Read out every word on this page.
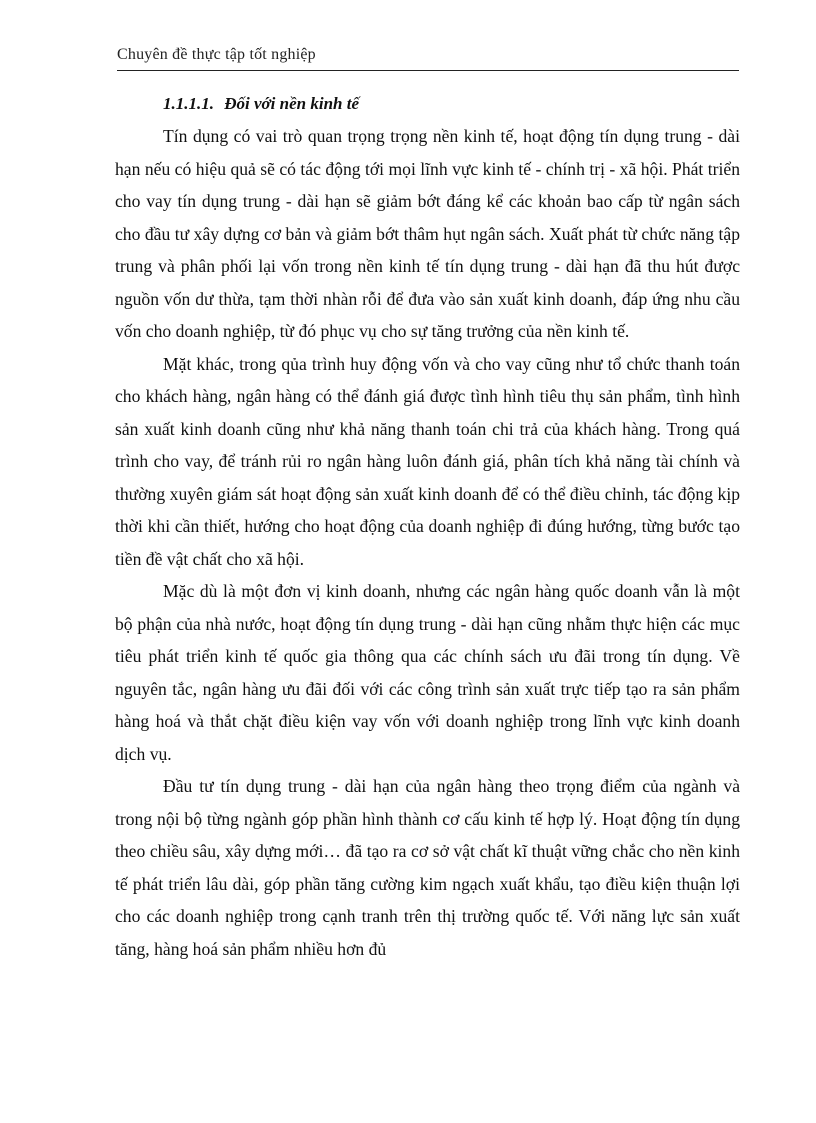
Chuyên đề thực tập tốt nghiệp
1.1.1.1. Đối với nền kinh tế

Tín dụng có vai trò quan trọng trọng nền kinh tế, hoạt động tín dụng trung - dài hạn nếu có hiệu quả sẽ có tác động tới mọi lĩnh vực kinh tế - chính trị - xã hội. Phát triển cho vay tín dụng trung - dài hạn sẽ giảm bớt đáng kể các khoản bao cấp từ ngân sách cho đầu tư xây dựng cơ bản và giảm bớt thâm hụt ngân sách. Xuất phát từ chức năng tập trung và phân phối lại vốn trong nền kinh tế tín dụng trung - dài hạn đã thu hút được nguồn vốn dư thừa, tạm thời nhàn rỗi để đưa vào sản xuất kinh doanh, đáp ứng nhu cầu vốn cho doanh nghiệp, từ đó phục vụ cho sự tăng trưởng của nền kinh tế.

Mặt khác, trong qủa trình huy động vốn và cho vay cũng như tổ chức thanh toán cho khách hàng, ngân hàng có thể đánh giá được tình hình tiêu thụ sản phẩm, tình hình sản xuất kinh doanh cũng như khả năng thanh toán chi trả của khách hàng. Trong quá trình cho vay, để tránh rủi ro ngân hàng luôn đánh giá, phân tích khả năng tài chính và thường xuyên giám sát hoạt động sản xuất kinh doanh để có thể điều chỉnh, tác động kịp thời khi cần thiết, hướng cho hoạt động của doanh nghiệp đi đúng hướng, từng bước tạo tiền đề vật chất cho xã hội.

Mặc dù là một đơn vị kinh doanh, nhưng các ngân hàng quốc doanh vẫn là một bộ phận của nhà nước, hoạt động tín dụng trung - dài hạn cũng nhằm thực hiện các mục tiêu phát triển kinh tế quốc gia thông qua các chính sách ưu đãi trong tín dụng. Về nguyên tắc, ngân hàng ưu đãi đối với các công trình sản xuất trực tiếp tạo ra sản phẩm hàng hoá và thắt chặt điều kiện vay vốn với doanh nghiệp trong lĩnh vực kinh doanh dịch vụ.

Đầu tư tín dụng trung - dài hạn của ngân hàng theo trọng điểm của ngành và trong nội bộ từng ngành góp phần hình thành cơ cấu kinh tế hợp lý. Hoạt động tín dụng theo chiều sâu, xây dựng mới… đã tạo ra cơ sở vật chất kĩ thuật vững chắc cho nền kinh tế phát triển lâu dài, góp phần tăng cường kim ngạch xuất khẩu, tạo điều kiện thuận lợi cho các doanh nghiệp trong cạnh tranh trên thị trường quốc tế. Với năng lực sản xuất tăng, hàng hoá sản phẩm nhiều hơn đủ
